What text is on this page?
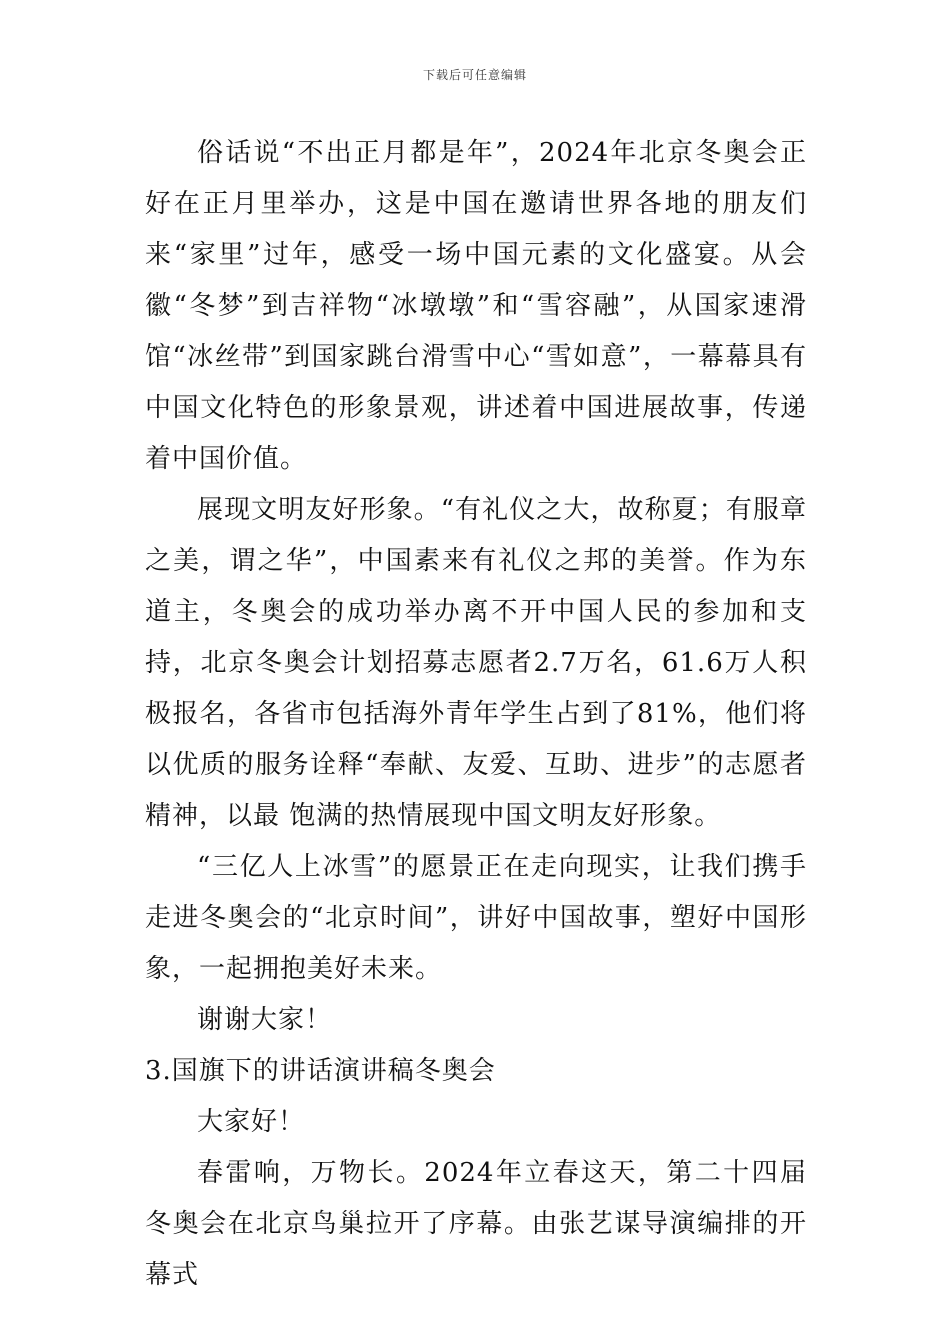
下载后可任意编辑

俗话说“不出正月都是年”，2024年北京冬奥会正好在正月里举办，这是中国在邀请世界各地的朋友们来“家里”过年，感受一场中国元素的文化盛宴。从会徽“冬梦”到吉祥物“冰墩墩”和“雪容融”，从国家速滑馆“冰丝带”到国家跳台滑雪中心“雪如意”，一幕幕具有中国文化特色的形象景观，讲述着中国进展故事，传递着中国价值。

展现文明友好形象。“有礼仪之大，故称夏；有服章之美，谓之华”，中国素来有礼仪之邦的美誉。作为东道主，冬奥会的成功举办离不开中国人民的参加和支持，北京冬奥会计划招募志愿者2.7万名，61.6万人积极报名，各省市包括海外青年学生占到了81%，他们将以优质的服务诠释“奉献、友爱、互助、进步”的志愿者精神，以最 饱满的热情展现中国文明友好形象。

“三亿人上冰雪”的愿景正在走向现实，让我们携手走进冬奥会的“北京时间”，讲好中国故事，塑好中国形象，一起拥抱美好未来。

谢谢大家！

3.国旗下的讲话演讲稿冬奥会

大家好！

春雷响，万物长。2024年立春这天，第二十四届冬奥会在北京鸟巢拉开了序幕。由张艺谋导演编排的开幕式
